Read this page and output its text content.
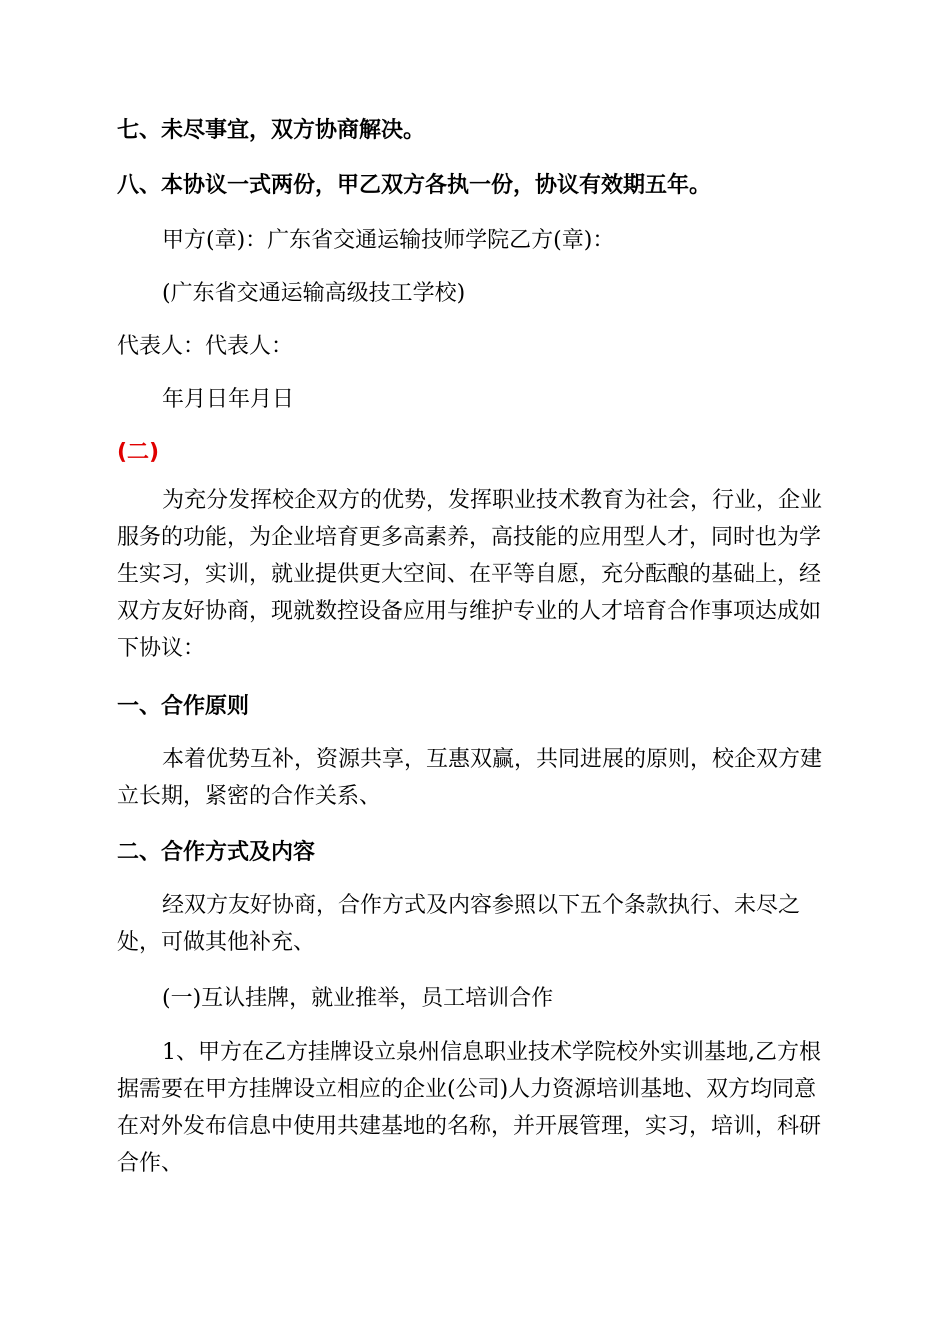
七、未尽事宜，双方协商解决。

八、本协议一式两份，甲乙双方各执一份，协议有效期五年。

甲方(章)：广东省交通运输技师学院乙方(章)：

(广东省交通运输高级技工学校)

代表人：代表人：

年月日年月日

(二)

为充分发挥校企双方的优势，发挥职业技术教育为社会，行业，企业
服务的功能，为企业培育更多高素养，高技能的应用型人才，同时也为学
生实习，实训，就业提供更大空间、在平等自愿，充分酝酿的基础上，经
双方友好协商，现就数控设备应用与维护专业的人才培育合作事项达成如
下协议：

一、合作原则

本着优势互补，资源共享，互惠双赢，共同进展的原则，校企双方建
立长期，紧密的合作关系、

二、合作方式及内容

经双方友好协商，合作方式及内容参照以下五个条款执行、未尽之
处，可做其他补充、

(一)互认挂牌，就业推举，员工培训合作

1、甲方在乙方挂牌设立泉州信息职业技术学院校外实训基地,乙方根
据需要在甲方挂牌设立相应的企业(公司)人力资源培训基地、双方均同意
在对外发布信息中使用共建基地的名称，并开展管理，实习，培训，科研
合作、
